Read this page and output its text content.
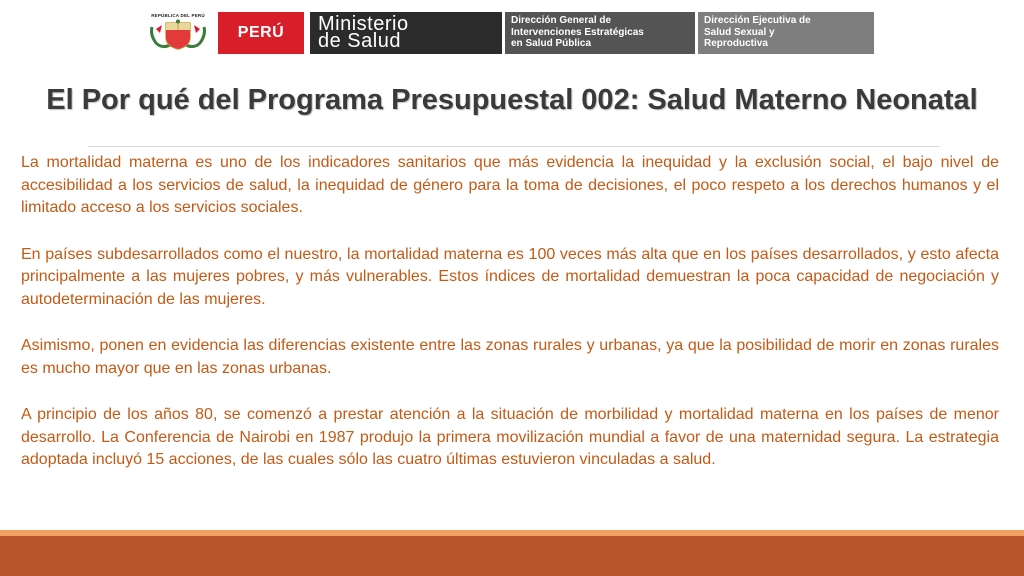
REPÚBLICA DEL PERÚ
PERÚ	Ministerio
de Salud
Dirección General de
Intervenciones Estratégicas
en Salud Pública
Dirección Ejecutiva de
Salud Sexual y
Reproductiva
El Por qué del Programa Presupuestal 002: Salud Materno Neonatal

La mortalidad materna es uno de los indicadores sanitarios que más evidencia la inequidad y la exclusión social, el bajo nivel de accesibilidad a los servicios de salud, la inequidad de género para la toma de decisiones, el poco respeto a los derechos humanos y el limitado acceso a los servicios sociales.

En países subdesarrollados como el nuestro, la mortalidad materna es 100 veces más alta que en los países desarrollados, y esto afecta principalmente a las mujeres pobres, y más vulnerables. Estos índices de mortalidad demuestran la poca capacidad de negociación y autodeterminación de las mujeres.

Asimismo, ponen en evidencia las diferencias existente entre las zonas rurales y urbanas, ya que la posibilidad de morir en zonas rurales es mucho mayor que en las zonas urbanas.

A principio de los años 80, se comenzó a prestar atención a la situación de morbilidad y mortalidad materna en los países de menor desarrollo. La Conferencia de Nairobi en 1987 produjo la primera movilización mundial a favor de una maternidad segura. La estrategia adoptada incluyó 15 acciones, de las cuales sólo las cuatro últimas estuvieron vinculadas a salud.
